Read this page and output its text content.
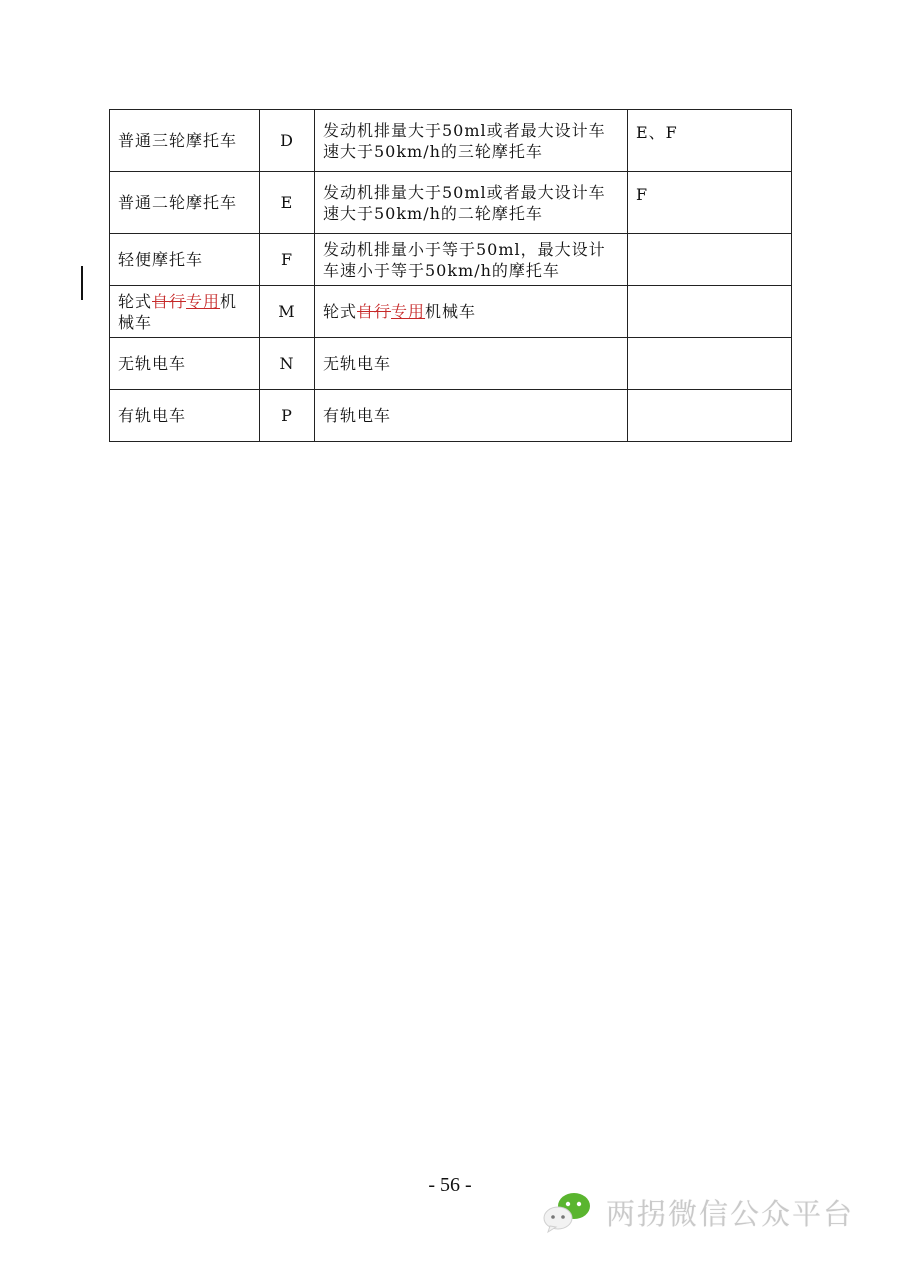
普通三轮摩托车	D	发动机排量大于50ml或者最大设计车速大于50km/h的三轮摩托车	E、F
普通二轮摩托车	E	发动机排量大于50ml或者最大设计车速大于50km/h的二轮摩托车	F
轻便摩托车	F	发动机排量小于等于50ml，最大设计车速小于等于50km/h的摩托车	
轮式自行专用机械车	M	轮式自行专用机械车	
无轨电车	N	无轨电车	
有轨电车	P	有轨电车	
- 56 -
两拐微信公众平台
